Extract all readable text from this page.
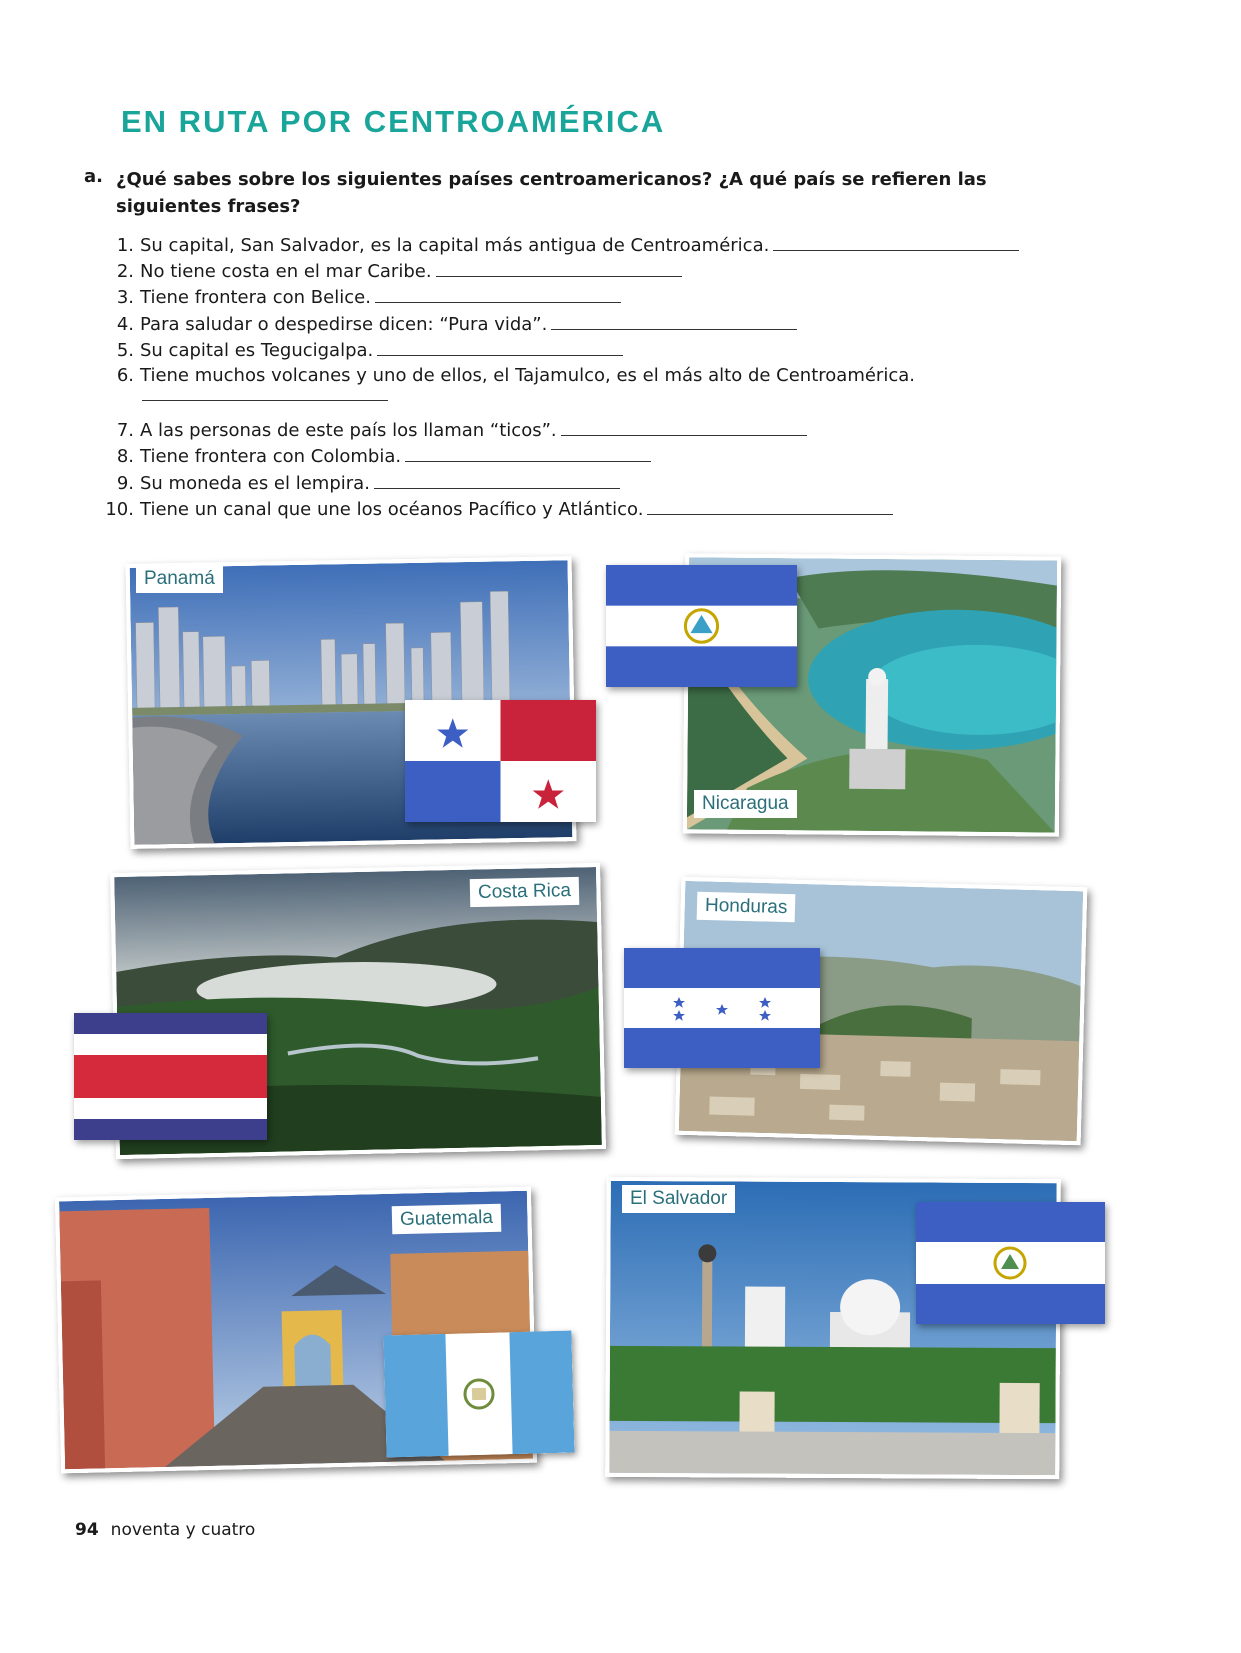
EN RUTA POR CENTROAMÉRICA
a. ¿Qué sabes sobre los siguientes países centroamericanos? ¿A qué país se refieren las siguientes frases?
1. Su capital, San Salvador, es la capital más antigua de Centroamérica.
2. No tiene costa en el mar Caribe.
3. Tiene frontera con Belice.
4. Para saludar o despedirse dicen: “Pura vida”.
5. Su capital es Tegucigalpa.
6. Tiene muchos volcanes y uno de ellos, el Tajamulco, es el más alto de Centroamérica.
7. A las personas de este país los llaman “ticos”.
8. Tiene frontera con Colombia.
9. Su moneda es el lempira.
10. Tiene un canal que une los océanos Pacífico y Atlántico.
Panamá
Nicaragua
Costa Rica
Honduras
Guatemala
El Salvador
94 noventa y cuatro
